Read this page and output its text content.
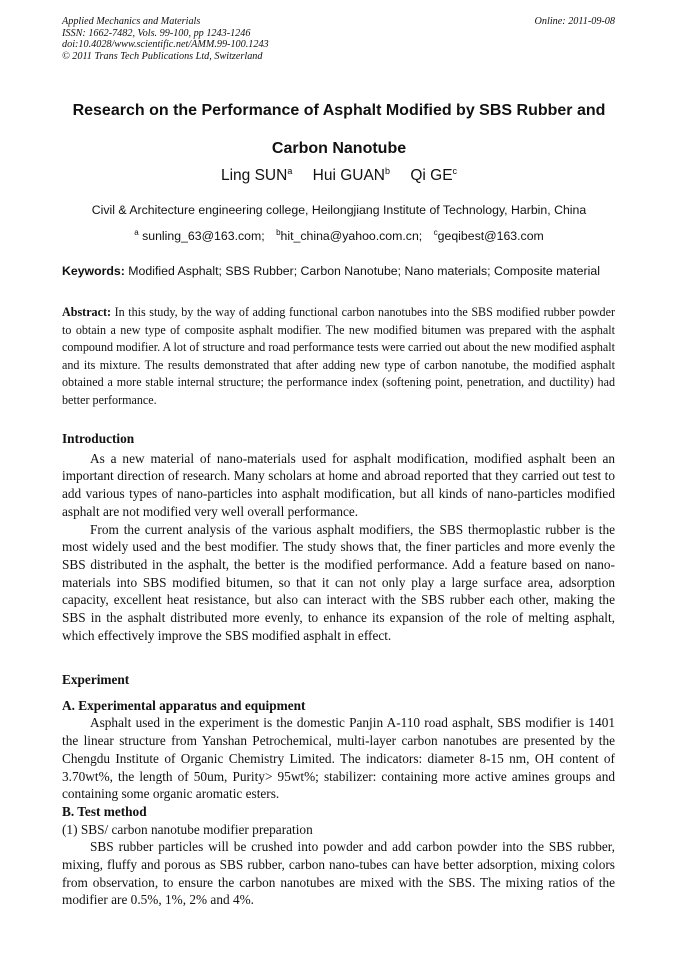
Applied Mechanics and Materials
ISSN: 1662-7482, Vols. 99-100, pp 1243-1246
doi:10.4028/www.scientific.net/AMM.99-100.1243
© 2011 Trans Tech Publications Ltd, Switzerland
Online: 2011-09-08
Research on the Performance of Asphalt Modified by SBS Rubber and
Carbon Nanotube
Ling SUN$^a$ Hui GUAN$^b$ Qi $GE^c$
Civil & Architecture engineering college, Heilongjiang Institute of Technology, Harbin, China
$^a$ sunling_63@163.com; $^b$hit_china@yahoo.com.cn; $^c$geqibest@163.com
Keywords: Modified Asphalt; SBS Rubber; Carbon Nanotube; Nano materials; Composite material
Abstract: In this study, by the way of adding functional carbon nanotubes into the SBS modified rubber powder to obtain a new type of composite asphalt modifier. The new modified bitumen was prepared with the asphalt compound modifier. A lot of structure and road performance tests were carried out about the new modified asphalt and its mixture. The results demonstrated that after adding new type of carbon nanotube, the modified asphalt obtained a more stable internal structure; the performance index (softening point, penetration, and ductility) had better performance.

Introduction

As a new material of nano-materials used for asphalt modification, modified asphalt been an important direction of research. Many scholars at home and abroad reported that they carried out test to add various types of nano-particles into asphalt modification, but all kinds of nano-particles modified asphalt are not modified very well overall performance.

From the current analysis of the various asphalt modifiers, the SBS thermoplastic rubber is the most widely used and the best modifier. The study shows that, the finer particles and more evenly the SBS distributed in the asphalt, the better is the modified performance. Add a feature based on nano-materials into SBS modified bitumen, so that it can not only play a large surface area, adsorption capacity, excellent heat resistance, but also can interact with the SBS rubber each other, making the SBS in the asphalt distributed more evenly, to enhance its expansion of the role of melting asphalt, which effectively improve the SBS modified asphalt in effect.

Experiment

A. Experimental apparatus and equipment

Asphalt used in the experiment is the domestic Panjin A-110 road asphalt, SBS modifier is 1401 the linear structure from Yanshan Petrochemical, multi-layer carbon nanotubes are presented by the Chengdu Institute of Organic Chemistry Limited. The indicators: diameter 8-15 nm, OH content of 3.70wt%, the length of 50um, Purity> 95wt%; stabilizer: containing more active amines groups and containing some organic aromatic esters.

B. Test method

(1) SBS/ carbon nanotube modifier preparation

SBS rubber particles will be crushed into powder and add carbon powder into the SBS rubber, mixing, fluffy and porous as SBS rubber, carbon nano-tubes can have better adsorption, mixing colors from observation, to ensure the carbon nanotubes are mixed with the SBS. The mixing ratios of the modifier are 0.5%, 1%, 2% and 4%.
